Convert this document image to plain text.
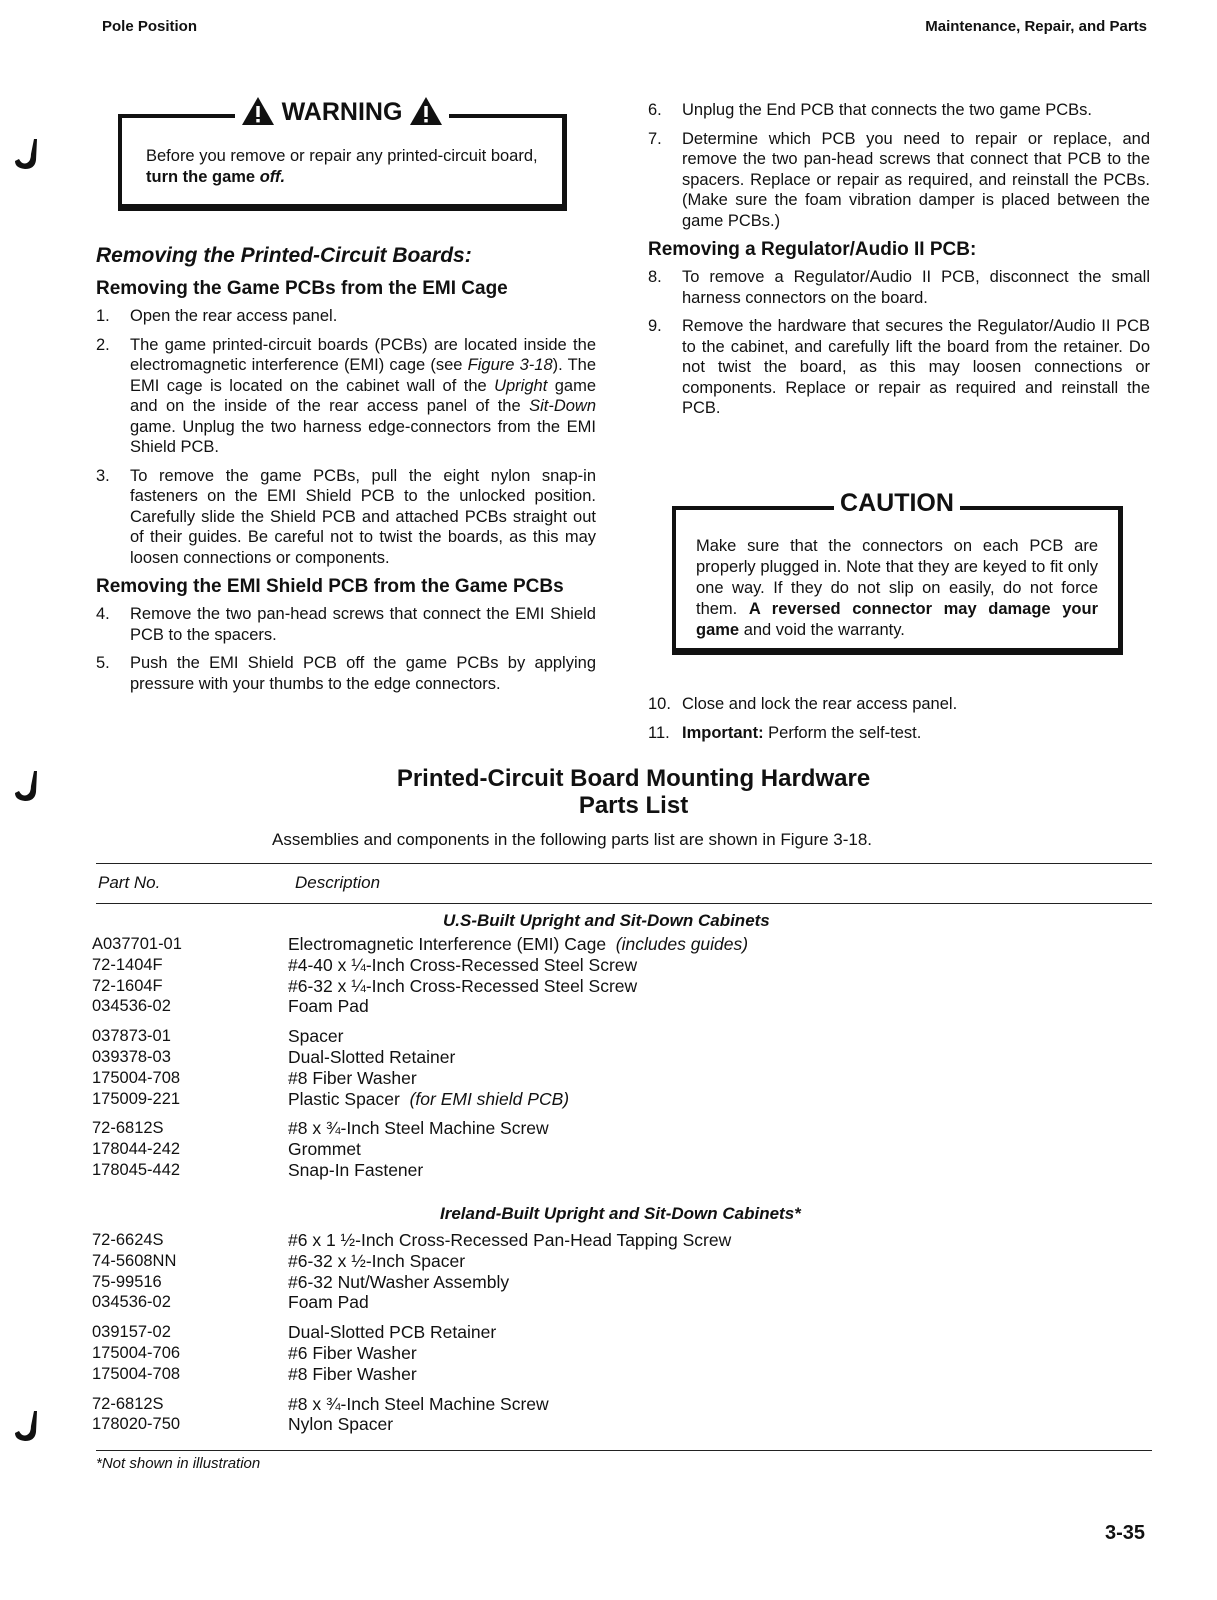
Pole Position	Maintenance, Repair, and Parts
WARNING
Before you remove or repair any printed-circuit board, turn the game off.
Removing the Printed-Circuit Boards:
Removing the Game PCBs from the EMI Cage
1. Open the rear access panel.
2. The game printed-circuit boards (PCBs) are located inside the electromagnetic interference (EMI) cage (see Figure 3-18). The EMI cage is located on the cabinet wall of the Upright game and on the inside of the rear access panel of the Sit-Down game. Unplug the two harness edge-connectors from the EMI Shield PCB.
3. To remove the game PCBs, pull the eight nylon snap-in fasteners on the EMI Shield PCB to the unlocked position. Carefully slide the Shield PCB and attached PCBs straight out of their guides. Be careful not to twist the boards, as this may loosen connections or components.
Removing the EMI Shield PCB from the Game PCBs
4. Remove the two pan-head screws that connect the EMI Shield PCB to the spacers.
5. Push the EMI Shield PCB off the game PCBs by applying pressure with your thumbs to the edge connectors.
6. Unplug the End PCB that connects the two game PCBs.
7. Determine which PCB you need to repair or replace, and remove the two pan-head screws that connect that PCB to the spacers. Replace or repair as required, and reinstall the PCBs. (Make sure the foam vibration damper is placed between the game PCBs.)
Removing a Regulator/Audio II PCB:
8. To remove a Regulator/Audio II PCB, disconnect the small harness connectors on the board.
9. Remove the hardware that secures the Regulator/Audio II PCB to the cabinet, and carefully lift the board from the retainer. Do not twist the board, as this may loosen connections or components. Replace or repair as required and reinstall the PCB.
CAUTION
Make sure that the connectors on each PCB are properly plugged in. Note that they are keyed to fit only one way. If they do not slip on easily, do not force them. A reversed connector may damage your game and void the warranty.
10. Close and lock the rear access panel.
11. Important: Perform the self-test.
Printed-Circuit Board Mounting Hardware
Parts List
Assemblies and components in the following parts list are shown in Figure 3-18.
Part No.	Description
U.S-Built Upright and Sit-Down Cabinets
A037701-01	Electromagnetic Interference (EMI) Cage (includes guides)
72-1404F	#4-40 x ¼-Inch Cross-Recessed Steel Screw
72-1604F	#6-32 x ¼-Inch Cross-Recessed Steel Screw
034536-02	Foam Pad
037873-01	Spacer
039378-03	Dual-Slotted Retainer
175004-708	#8 Fiber Washer
175009-221	Plastic Spacer (for EMI shield PCB)
72-6812S	#8 x ¾-Inch Steel Machine Screw
178044-242	Grommet
178045-442	Snap-In Fastener
Ireland-Built Upright and Sit-Down Cabinets*
72-6624S	#6 x 1 ½-Inch Cross-Recessed Pan-Head Tapping Screw
74-5608NN	#6-32 x ½-Inch Spacer
75-99516	#6-32 Nut/Washer Assembly
034536-02	Foam Pad
039157-02	Dual-Slotted PCB Retainer
175004-706	#6 Fiber Washer
175004-708	#8 Fiber Washer
72-6812S	#8 x ¾-Inch Steel Machine Screw
178020-750	Nylon Spacer
*Not shown in illustration
3-35
